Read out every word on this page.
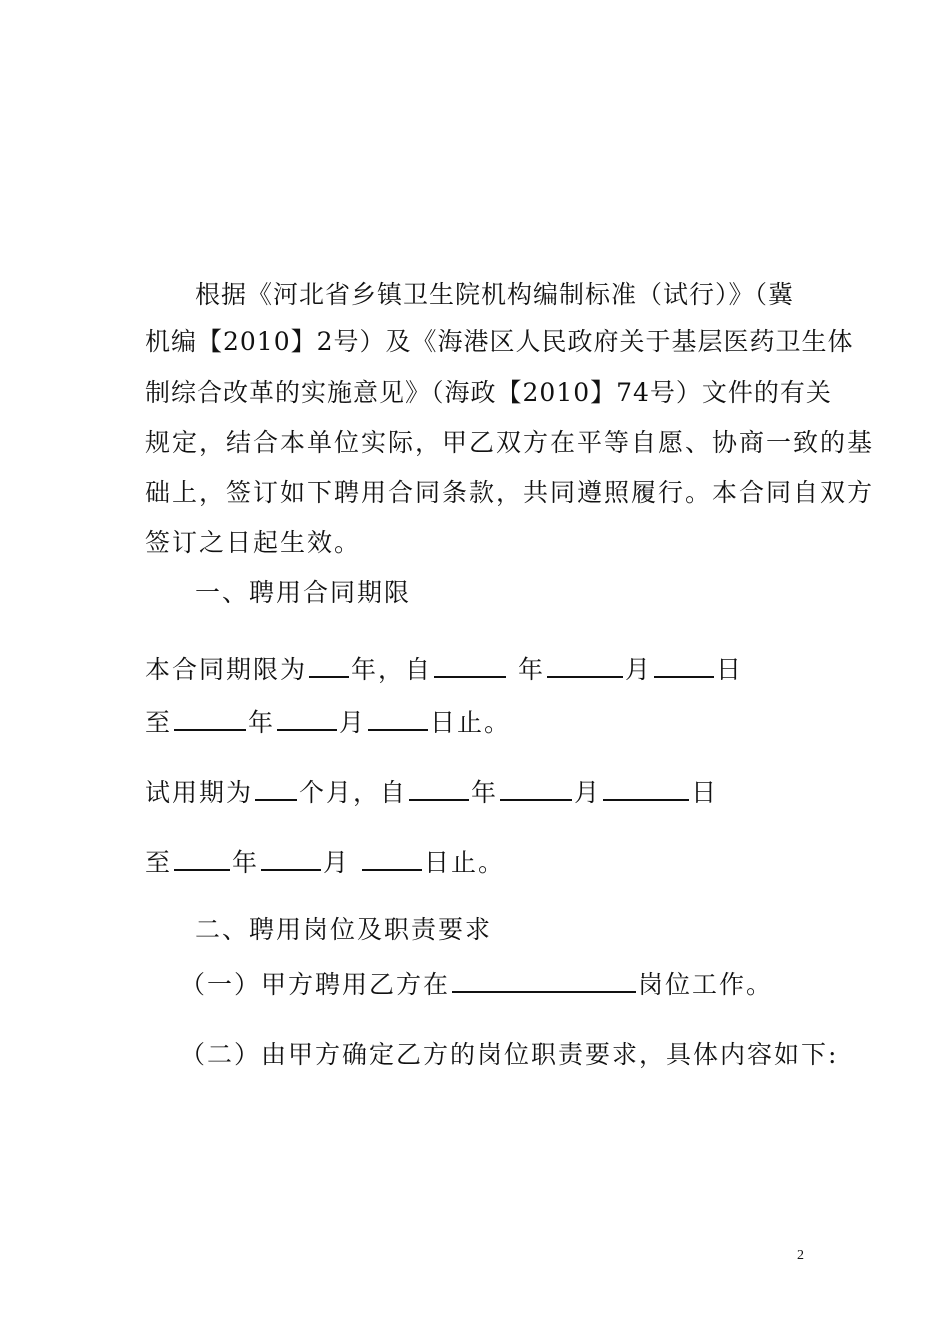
根据《河北省乡镇卫生院机构编制标准（试行）》（冀
机编【2010】2号）及《海港区人民政府关于基层医药卫生体
制综合改革的实施意见》（海政【2010】74号）文件的有关
规定，结合本单位实际，甲乙双方在平等自愿、协商一致的基
础上，签订如下聘用合同条款，共同遵照履行。本合同自双方
签订之日起生效。
一、聘用合同期限
本合同期限为 年，自	年	月	日
至	年	月	日止。
试用期为 个月，自	年	月	日
至 年	月	日止。
二、聘用岗位及职责要求
（一）甲方聘用乙方在	岗位工作。
（二）由甲方确定乙方的岗位职责要求，具体内容如下:
2
